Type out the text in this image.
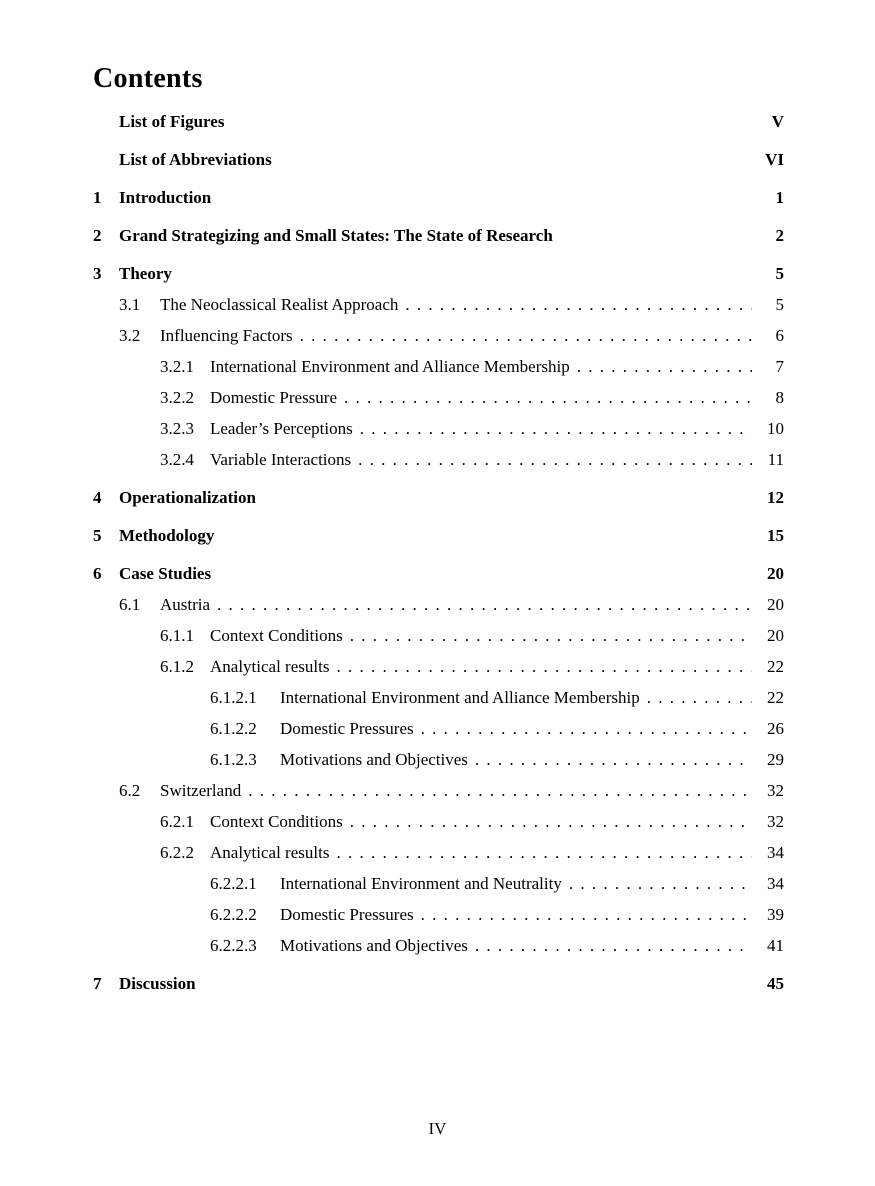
Contents
List of Figures	V
List of Abbreviations	VI
1	Introduction	1
2	Grand Strategizing and Small States: The State of Research	2
3	Theory	5
3.1	The Neoclassical Realist Approach . . .	5
3.2	Influencing Factors . . .	6
3.2.1 International Environment and Alliance Membership . . .	7
3.2.2 Domestic Pressure . . .	8
3.2.3 Leader’s Perceptions . . .	10
3.2.4 Variable Interactions . . .	11
4	Operationalization	12
5	Methodology	15
6	Case Studies	20
6.1	Austria . . .	20
6.1.1 Context Conditions . . .	20
6.1.2 Analytical results . . .	22
6.1.2.1	International Environment and Alliance Membership . . .	22
6.1.2.2	Domestic Pressures . . .	26
6.1.2.3	Motivations and Objectives . . .	29
6.2	Switzerland . . .	32
6.2.1 Context Conditions . . .	32
6.2.2 Analytical results . . .	34
6.2.2.1	International Environment and Neutrality . . .	34
6.2.2.2	Domestic Pressures . . .	39
6.2.2.3	Motivations and Objectives . . .	41
7	Discussion	45
IV
